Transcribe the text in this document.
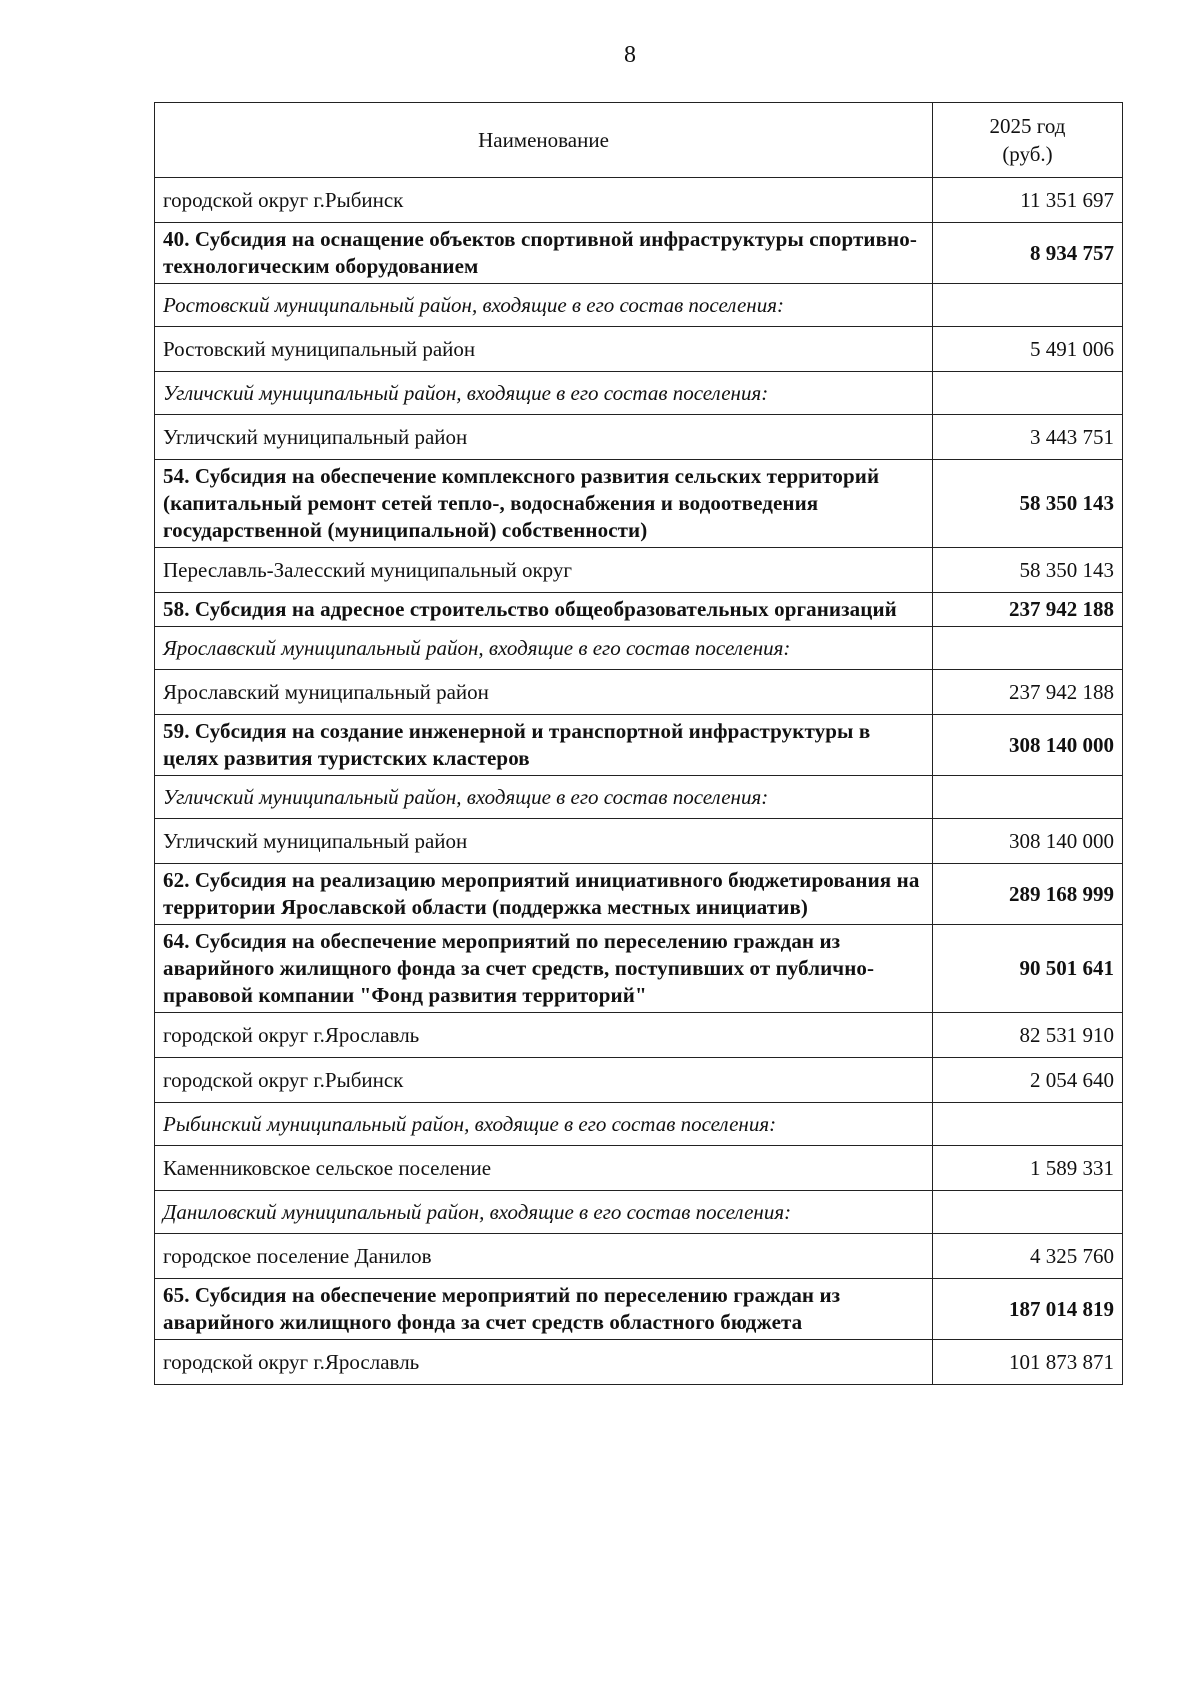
8
Наименование	2025 год
(руб.)

городской округ г.Рыбинск	11 351 697
40. Субсидия на оснащение объектов спортивной инфраструктуры спортивно-технологическим оборудованием	8 934 757
Ростовский муниципальный район, входящие в его состав поселения:	
Ростовский муниципальный район	5 491 006
Угличский муниципальный район, входящие в его состав поселения:	
Угличский муниципальный район	3 443 751
54. Субсидия на обеспечение комплексного развития сельских территорий (капитальный ремонт сетей тепло-, водоснабжения и водоотведения государственной (муниципальной) собственности)	58 350 143
Переславль-Залесский муниципальный округ	58 350 143
58. Субсидия на адресное строительство общеобразовательных организаций	237 942 188
Ярославский муниципальный район, входящие в его состав поселения:	
Ярославский муниципальный район	237 942 188
59. Субсидия на создание инженерной и транспортной инфраструктуры в целях развития туристских кластеров	308 140 000
Угличский муниципальный район, входящие в его состав поселения:	
Угличский муниципальный район	308 140 000
62. Субсидия на реализацию мероприятий инициативного бюджетирования на территории Ярославской области (поддержка местных инициатив)	289 168 999
64. Субсидия на обеспечение мероприятий по переселению граждан из аварийного жилищного фонда за счет средств, поступивших от публично-правовой компании "Фонд развития территорий"	90 501 641
городской округ г.Ярославль	82 531 910
городской округ г.Рыбинск	2 054 640
Рыбинский муниципальный район, входящие в его состав поселения:	
Каменниковское сельское поселение	1 589 331
Даниловский муниципальный район, входящие в его состав поселения:	
городское поселение Данилов	4 325 760
65. Субсидия на обеспечение мероприятий по переселению граждан из аварийного жилищного фонда за счет средств областного бюджета	187 014 819
городской округ г.Ярославль	101 873 871
